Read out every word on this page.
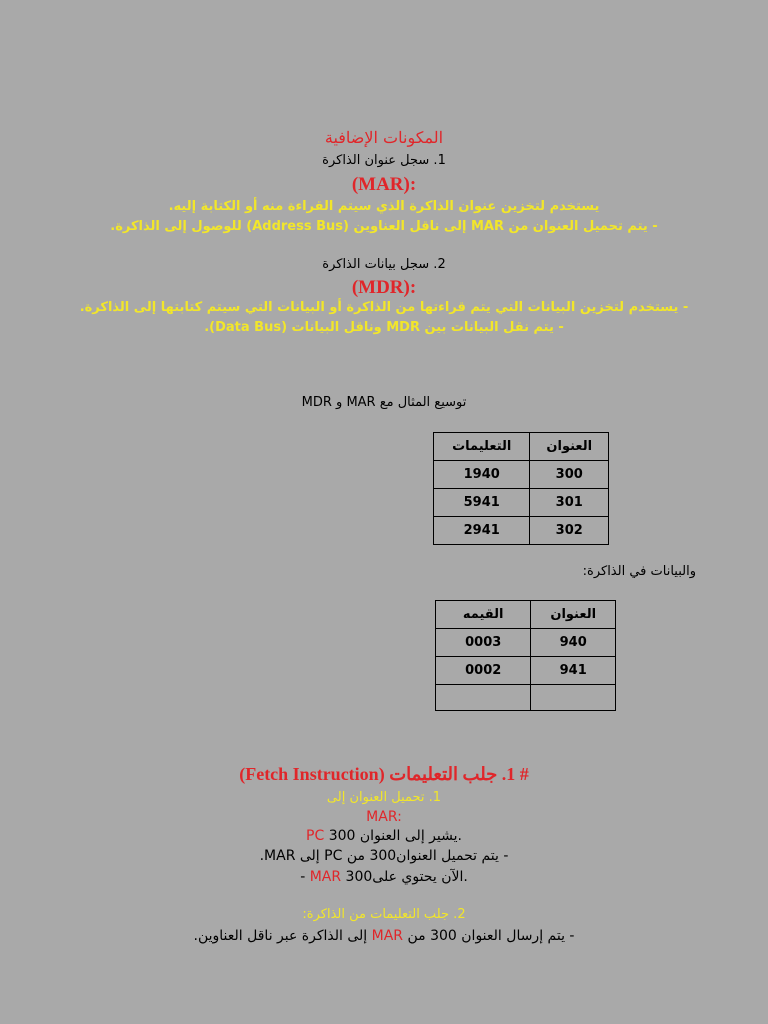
المكونات الإضافية
1. سجل عنوان الذاكرة
(MAR):
يستخدم لتخزين عنوان الذاكرة الذي سيتم القراءة منه أو الكتابة إليه.
- يتم تحميل العنوان من MAR إلى ناقل العناوين (Address Bus) للوصول إلى الذاكرة.
2. سجل بيانات الذاكرة
(MDR):
- يستخدم لتخزين البيانات التي يتم قراءتها من الذاكرة أو البيانات التي سيتم كتابتها إلى الذاكرة.
- يتم نقل البيانات بين MDR وناقل البيانات (Data Bus).
توسيع المثال مع MAR و MDR
العنوان	التعليمات
300	1940
301	5941
302	2941
والبيانات في الذاكرة:
العنوان	القيمه
940	0003
941	0002

# 1. جلب التعليمات (Fetch Instruction)
1. تحميل العنوان إلى
MAR:
PC يشير إلى العنوان 300.
- يتم تحميل العنوان300 من PC إلى MAR.
- MAR الآن يحتوي على300.
2. جلب التعليمات من الذاكرة:
- يتم إرسال العنوان 300 من MAR إلى الذاكرة عبر ناقل العناوين.
